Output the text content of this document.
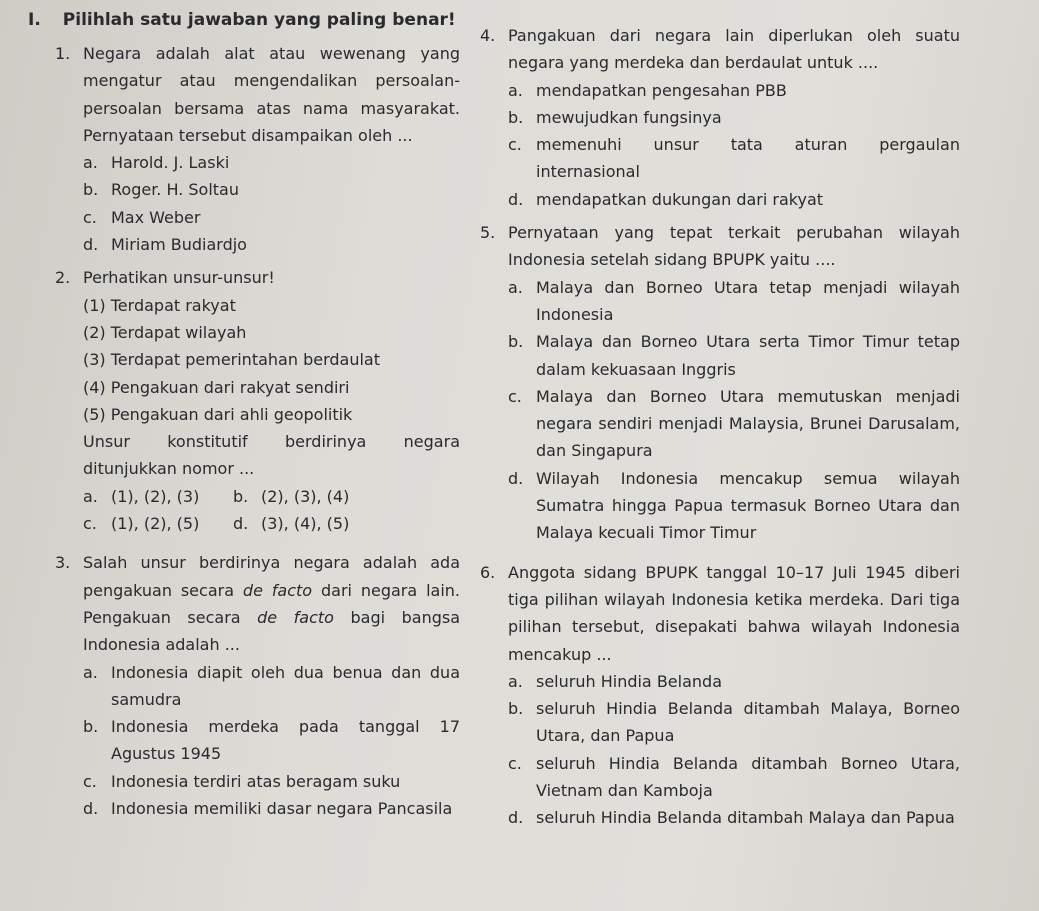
I. Pilihlah satu jawaban yang paling benar!
1. Negara adalah alat atau wewenang yang mengatur atau mengendalikan persoalan-persoalan bersama atas nama masyarakat. Pernyataan tersebut disampaikan oleh ...
a. Harold. J. Laski
b. Roger. H. Soltau
c. Max Weber
d. Miriam Budiardjo
2. Perhatikan unsur-unsur!
(1) Terdapat rakyat
(2) Terdapat wilayah
(3) Terdapat pemerintahan berdaulat
(4) Pengakuan dari rakyat sendiri
(5) Pengakuan dari ahli geopolitik
Unsur konstitutif berdirinya negara ditunjukkan nomor ...
a. (1), (2), (3) b. (2), (3), (4)
c. (1), (2), (5) d. (3), (4), (5)
3. Salah unsur berdirinya negara adalah ada pengakuan secara de facto dari negara lain. Pengakuan secara de facto bagi bangsa Indonesia adalah ...
a. Indonesia diapit oleh dua benua dan dua samudra
b. Indonesia merdeka pada tanggal 17 Agustus 1945
c. Indonesia terdiri atas beragam suku
d. Indonesia memiliki dasar negara Pancasila
4. Pangakuan dari negara lain diperlukan oleh suatu negara yang merdeka dan berdaulat untuk ....
a. mendapatkan pengesahan PBB
b. mewujudkan fungsinya
c. memenuhi unsur tata aturan pergaulan internasional
d. mendapatkan dukungan dari rakyat
5. Pernyataan yang tepat terkait perubahan wilayah Indonesia setelah sidang BPUPK yaitu ....
a. Malaya dan Borneo Utara tetap menjadi wilayah Indonesia
b. Malaya dan Borneo Utara serta Timor Timur tetap dalam kekuasaan Inggris
c. Malaya dan Borneo Utara memutuskan menjadi negara sendiri menjadi Malaysia, Brunei Darusalam, dan Singapura
d. Wilayah Indonesia mencakup semua wilayah Sumatra hingga Papua termasuk Borneo Utara dan Malaya kecuali Timor Timur
6. Anggota sidang BPUPK tanggal 10–17 Juli 1945 diberi tiga pilihan wilayah Indonesia ketika merdeka. Dari tiga pilihan tersebut, disepakati bahwa wilayah Indonesia mencakup ...
a. seluruh Hindia Belanda
b. seluruh Hindia Belanda ditambah Malaya, Borneo Utara, dan Papua
c. seluruh Hindia Belanda ditambah Borneo Utara, Vietnam dan Kamboja
d. seluruh Hindia Belanda ditambah Malaya dan Papua
